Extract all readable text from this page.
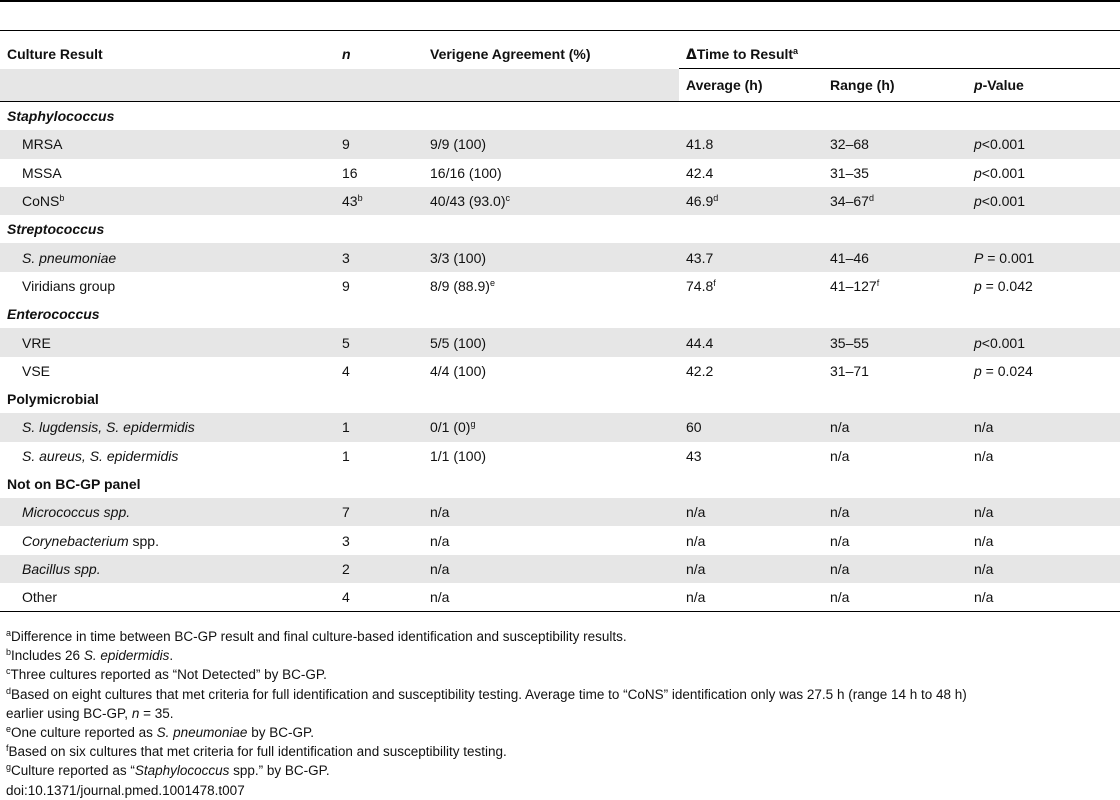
Culture Result	n	Verigene Agreement (%)	ΔTime to Result$^a$
			Average (h)	Range (h)	p-Value
Staphylococcus					
MRSA	9	9/9 (100)	41.8	32–68	p<0.001
MSSA	16	16/16 (100)	42.4	31–35	p<0.001
CoNS$^b$	43$^b$	40/43 $(93.0)^c$	46.9$^d$	34–67$^d$	p<0.001
Streptococcus					
S. pneumoniae	3	3/3 (100)	43.7	41–46	P = 0.001
Viridians group	9	8/9 $(88.9)^e$	74.8$^f$	41–127$^f$	p = 0.042
Enterococcus					
VRE	5	5/5 (100)	44.4	35–55	p<0.001
VSE	4	4/4 (100)	42.2	31–71	p = 0.024
Polymicrobial					
S. lugdensis, S. epidermidis	1	0/1 $(0)^g$	60	n/a	n/a
S. aureus, S. epidermidis	1	1/1 (100)	43	n/a	n/a
Not on BC-GP panel					
Micrococcus spp.	7	n/a	n/a	n/a	n/a
Corynebacterium spp.	3	n/a	n/a	n/a	n/a
Bacillus spp.	2	n/a	n/a	n/a	n/a
Other	4	n/a	n/a	n/a	n/a
$^a$Difference in time between BC-GP result and final culture-based identification and susceptibility results.
$^b$Includes 26 S. epidermidis.
$^c$Three cultures reported as “Not Detected” by BC-GP.
$^d$Based on eight cultures that met criteria for full identification and susceptibility testing. Average time to “CoNS” identification only was 27.5 h (range 14 h to 48 h)
earlier using BC-GP, n = 35.
$^e$One culture reported as S. pneumoniae by BC-GP.
$^f$Based on six cultures that met criteria for full identification and susceptibility testing.
$^g$Culture reported as “Staphylococcus spp.” by BC-GP.
doi:10.1371/journal.pmed.1001478.t007
